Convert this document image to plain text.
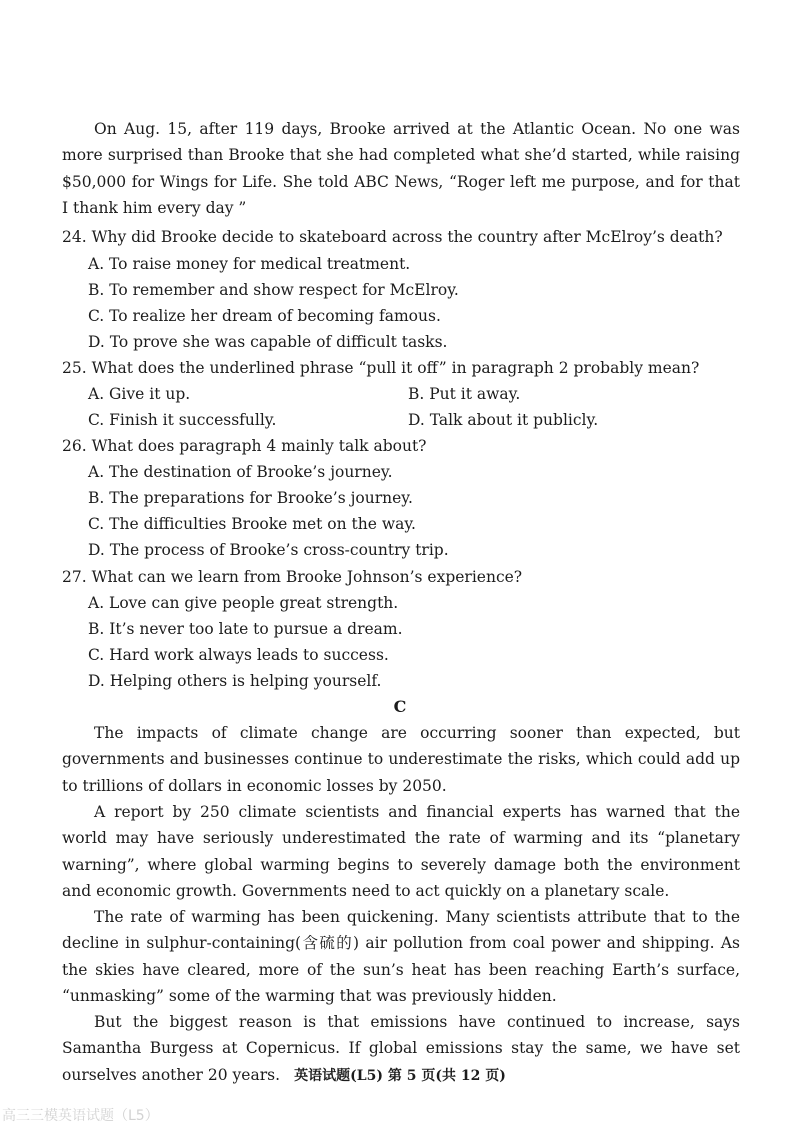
On Aug. 15, after 119 days, Brooke arrived at the Atlantic Ocean. No one was more surprised than Brooke that she had completed what she’d started, while raising $50,000 for Wings for Life. She told ABC News, “Roger left me purpose, and for that I thank him every day ”

24. Why did Brooke decide to skateboard across the country after McElroy’s death?

A. To raise money for medical treatment.

B. To remember and show respect for McElroy.

C. To realize her dream of becoming famous.

D. To prove she was capable of difficult tasks.

25. What does the underlined phrase “pull it off” in paragraph 2 probably mean?

A. Give it up.	B. Put it away.

C. Finish it successfully.	D. Talk about it publicly.

26. What does paragraph 4 mainly talk about?

A. The destination of Brooke’s journey.

B. The preparations for Brooke’s journey.

C. The difficulties Brooke met on the way.

D. The process of Brooke’s cross-country trip.

27. What can we learn from Brooke Johnson’s experience?

A. Love can give people great strength.

B. It’s never too late to pursue a dream.

C. Hard work always leads to success.

D. Helping others is helping yourself.

C

The impacts of climate change are occurring sooner than expected, but governments and businesses continue to underestimate the risks, which could add up to trillions of dollars in economic losses by 2050.

A report by 250 climate scientists and financial experts has warned that the world may have seriously underestimated the rate of warming and its “planetary warning”, where global warming begins to severely damage both the environment and economic growth. Governments need to act quickly on a planetary scale.

The rate of warming has been quickening. Many scientists attribute that to the decline in sulphur-containing(含硫的) air pollution from coal power and shipping. As the skies have cleared, more of the sun’s heat has been reaching Earth’s surface, “unmasking” some of the warming that was previously hidden.

But the biggest reason is that emissions have continued to increase, says Samantha Burgess at Copernicus. If global emissions stay the same, we have set ourselves another 20 years.	英语试题(L5) 第 5 页(共 12 页)
高三三模英语试题（L5）
